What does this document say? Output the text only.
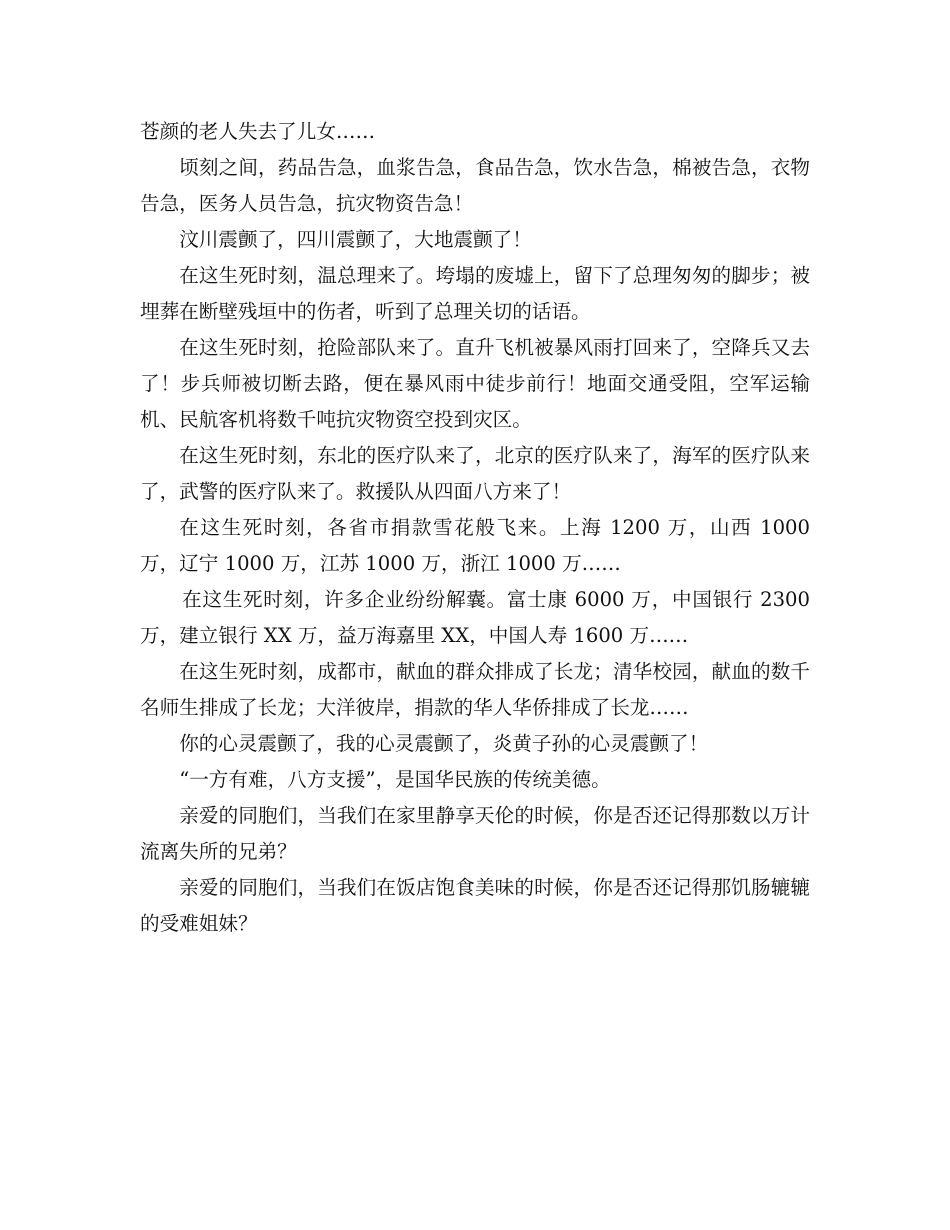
苍颜的老人失去了儿女……

顷刻之间，药品告急，血浆告急，食品告急，饮水告急，棉被告急，衣物告急，医务人员告急，抗灾物资告急！

汶川震颤了，四川震颤了，大地震颤了！

在这生死时刻，温总理来了。垮塌的废墟上，留下了总理匆匆的脚步；被埋葬在断壁残垣中的伤者，听到了总理关切的话语。

在这生死时刻，抢险部队来了。直升飞机被暴风雨打回来了，空降兵又去了！步兵师被切断去路，便在暴风雨中徒步前行！地面交通受阻，空军运输机、民航客机将数千吨抗灾物资空投到灾区。

在这生死时刻，东北的医疗队来了，北京的医疗队来了，海军的医疗队来了，武警的医疗队来了。救援队从四面八方来了！

在这生死时刻，各省市捐款雪花般飞来。上海 1200 万，山西 1000 万，辽宁 1000 万，江苏 1000 万，浙江 1000 万……

在这生死时刻，许多企业纷纷解囊。富士康 6000 万，中国银行 2300 万，建立银行 XX 万，益万海嘉里 XX，中国人寿 1600 万……

在这生死时刻，成都市，献血的群众排成了长龙；清华校园，献血的数千名师生排成了长龙；大洋彼岸，捐款的华人华侨排成了长龙……

你的心灵震颤了，我的心灵震颤了，炎黄子孙的心灵震颤了！

“一方有难，八方支援”，是国华民族的传统美德。

亲爱的同胞们，当我们在家里静享天伦的时候，你是否还记得那数以万计流离失所的兄弟？

亲爱的同胞们，当我们在饭店饱食美味的时候，你是否还记得那饥肠辘辘的受难姐妹？
